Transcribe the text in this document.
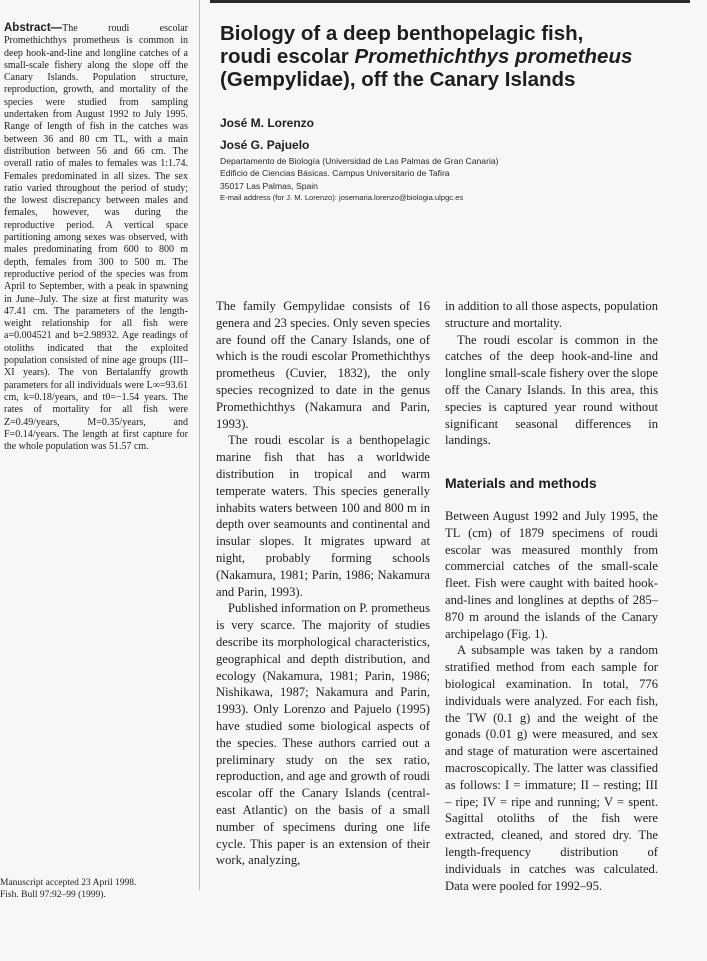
Abstract—The roudi escolar Promethichthys prometheus is common in deep hook-and-line and longline catches of a small-scale fishery along the slope off the Canary Islands. Population structure, reproduction, growth, and mortality of the species were studied from sampling undertaken from August 1992 to July 1995. Range of length of fish in the catches was between 36 and 80 cm TL, with a main distribution between 56 and 66 cm. The overall ratio of males to females was 1:1.74. Females predominated in all sizes. The sex ratio varied throughout the period of study; the lowest discrepancy between males and females, however, was during the reproductive period. A vertical space partitioning among sexes was observed, with males predominating from 600 to 800 m depth, females from 300 to 500 m. The reproductive period of the species was from April to September, with a peak in spawning in June–July. The size at first maturity was 47.41 cm. The parameters of the length-weight relationship for all fish were a=0.004521 and b=2.98932. Age readings of otoliths indicated that the exploited population consisted of nine age groups (III–XI years). The von Bertalanffy growth parameters for all individuals were L∞=93.61 cm, k=0.18/years, and t0=−1.54 years. The rates of mortality for all fish were Z=0.49/years, M=0.35/years, and F=0.14/years. The length at first capture for the whole population was 51.57 cm.
Manuscript accepted 23 April 1998.
Fish. Bull 97:92–99 (1999).
Biology of a deep benthopelagic fish,
roudi escolar Promethichthys prometheus
(Gempylidae), off the Canary Islands
José M. Lorenzo
José G. Pajuelo
Departamento de Biología (Universidad de Las Palmas de Gran Canaria)
Edificio de Ciencias Básicas. Campus Universitario de Tafira
35017 Las Palmas, Spain
E-mail address (for J. M. Lorenzo): josemaria.lorenzo@biologia.ulpgc.es

The family Gempylidae consists of 16 genera and 23 species. Only seven species are found off the Canary Islands, one of which is the roudi escolar Promethichthys prometheus (Cuvier, 1832), the only species recognized to date in the genus Promethichthys (Nakamura and Parin, 1993).

The roudi escolar is a benthopelagic marine fish that has a worldwide distribution in tropical and warm temperate waters. This species generally inhabits waters between 100 and 800 m in depth over seamounts and continental and insular slopes. It migrates upward at night, probably forming schools (Nakamura, 1981; Parin, 1986; Nakamura and Parin, 1993).

Published information on P. prometheus is very scarce. The majority of studies describe its morphological characteristics, geographical and depth distribution, and ecology (Nakamura, 1981; Parin, 1986; Nishikawa, 1987; Nakamura and Parin, 1993). Only Lorenzo and Pajuelo (1995) have studied some biological aspects of the species. These authors carried out a preliminary study on the sex ratio, reproduction, and age and growth of roudi escolar off the Canary Islands (central-east Atlantic) on the basis of a small number of specimens during one life cycle. This paper is an extension of their work, analyzing,

in addition to all those aspects, population structure and mortality.

The roudi escolar is common in the catches of the deep hook-and-line and longline small-scale fishery over the slope off the Canary Islands. In this area, this species is captured year round without significant seasonal differences in landings.

Materials and methods

Between August 1992 and July 1995, the TL (cm) of 1879 specimens of roudi escolar was measured monthly from commercial catches of the small-scale fleet. Fish were caught with baited hook-and-lines and longlines at depths of 285–870 m around the islands of the Canary archipelago (Fig. 1).

A subsample was taken by a random stratified method from each sample for biological examination. In total, 776 individuals were analyzed. For each fish, the TW (0.1 g) and the weight of the gonads (0.01 g) were measured, and sex and stage of maturation were ascertained macroscopically. The latter was classified as follows: I = immature; II – resting; III – ripe; IV = ripe and running; V = spent. Sagittal otoliths of the fish were extracted, cleaned, and stored dry. The length-frequency distribution of individuals in catches was calculated. Data were pooled for 1992–95.
